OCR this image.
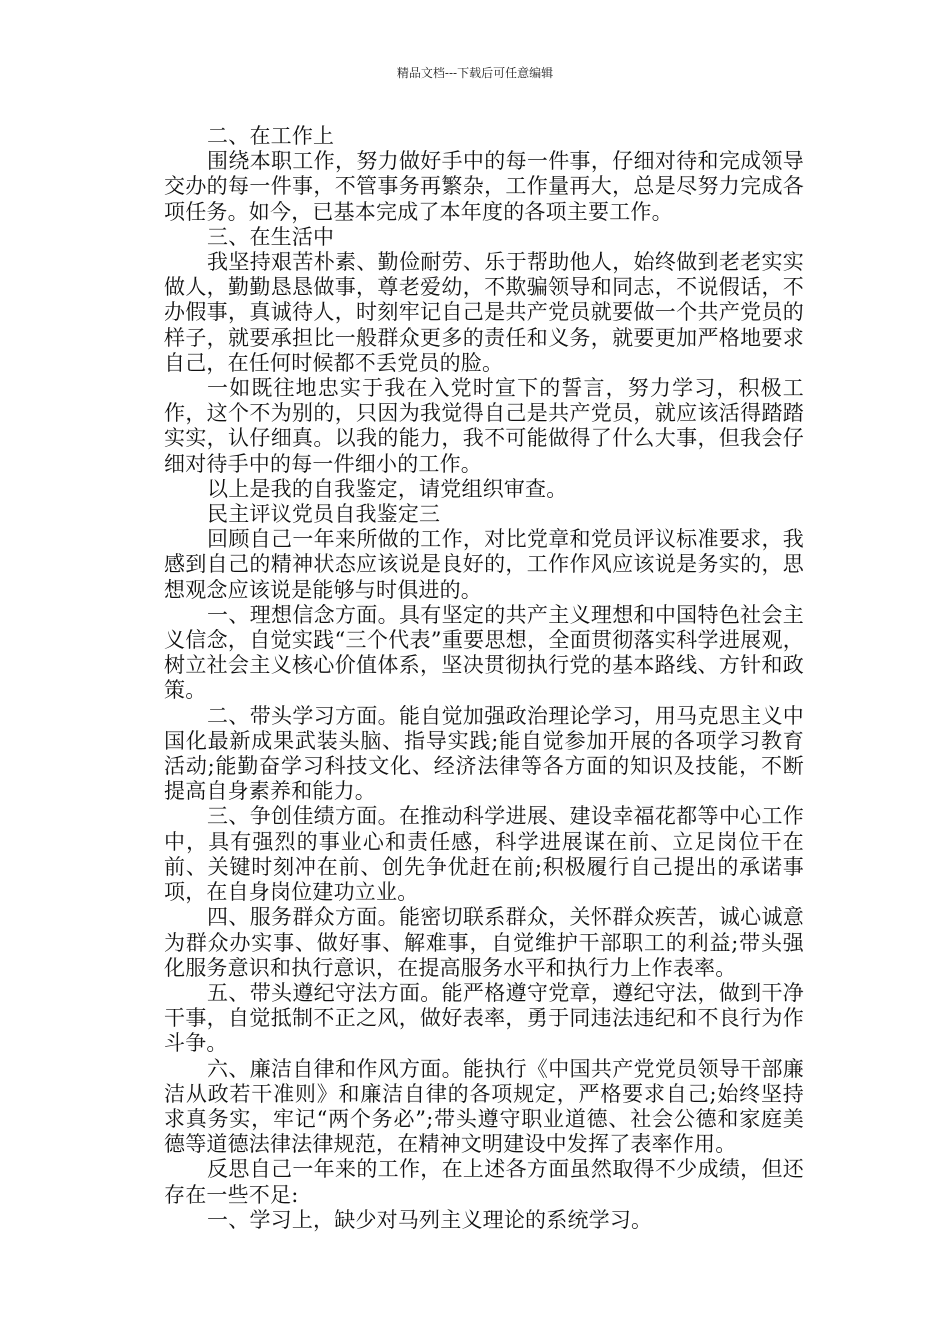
精品文档---下载后可任意编辑

二、在工作上

围绕本职工作，努力做好手中的每一件事，仔细对待和完成领导交办的每一件事，不管事务再繁杂，工作量再大，总是尽努力完成各项任务。如今，已基本完成了本年度的各项主要工作。

三、在生活中

我坚持艰苦朴素、勤俭耐劳、乐于帮助他人，始终做到老老实实做人，勤勤恳恳做事，尊老爱幼，不欺骗领导和同志，不说假话，不办假事，真诚待人，时刻牢记自己是共产党员就要做一个共产党员的样子，就要承担比一般群众更多的责任和义务，就要更加严格地要求自己，在任何时候都不丢党员的脸。

一如既往地忠实于我在入党时宣下的誓言，努力学习，积极工作，这个不为别的，只因为我觉得自己是共产党员，就应该活得踏踏实实，认仔细真。以我的能力，我不可能做得了什么大事，但我会仔细对待手中的每一件细小的工作。

以上是我的自我鉴定，请党组织审查。

民主评议党员自我鉴定三

回顾自己一年来所做的工作，对比党章和党员评议标准要求，我感到自己的精神状态应该说是良好的，工作作风应该说是务实的，思想观念应该说是能够与时俱进的。

一、理想信念方面。具有坚定的共产主义理想和中国特色社会主义信念，自觉实践“三个代表”重要思想，全面贯彻落实科学进展观，树立社会主义核心价值体系，坚决贯彻执行党的基本路线、方针和政策。

二、带头学习方面。能自觉加强政治理论学习，用马克思主义中国化最新成果武装头脑、指导实践;能自觉参加开展的各项学习教育活动;能勤奋学习科技文化、经济法律等各方面的知识及技能，不断提高自身素养和能力。

三、争创佳绩方面。在推动科学进展、建设幸福花都等中心工作中，具有强烈的事业心和责任感，科学进展谋在前、立足岗位干在前、关键时刻冲在前、创先争优赶在前;积极履行自己提出的承诺事项，在自身岗位建功立业。

四、服务群众方面。能密切联系群众，关怀群众疾苦，诚心诚意为群众办实事、做好事、解难事，自觉维护干部职工的利益;带头强化服务意识和执行意识，在提高服务水平和执行力上作表率。

五、带头遵纪守法方面。能严格遵守党章，遵纪守法，做到干净干事，自觉抵制不正之风，做好表率，勇于同违法违纪和不良行为作斗争。

六、廉洁自律和作风方面。能执行《中国共产党党员领导干部廉洁从政若干准则》和廉洁自律的各项规定，严格要求自己;始终坚持求真务实，牢记“两个务必”;带头遵守职业道德、社会公德和家庭美德等道德法律法律规范，在精神文明建设中发挥了表率作用。

反思自己一年来的工作，在上述各方面虽然取得不少成绩，但还存在一些不足:

一、学习上，缺少对马列主义理论的系统学习。
